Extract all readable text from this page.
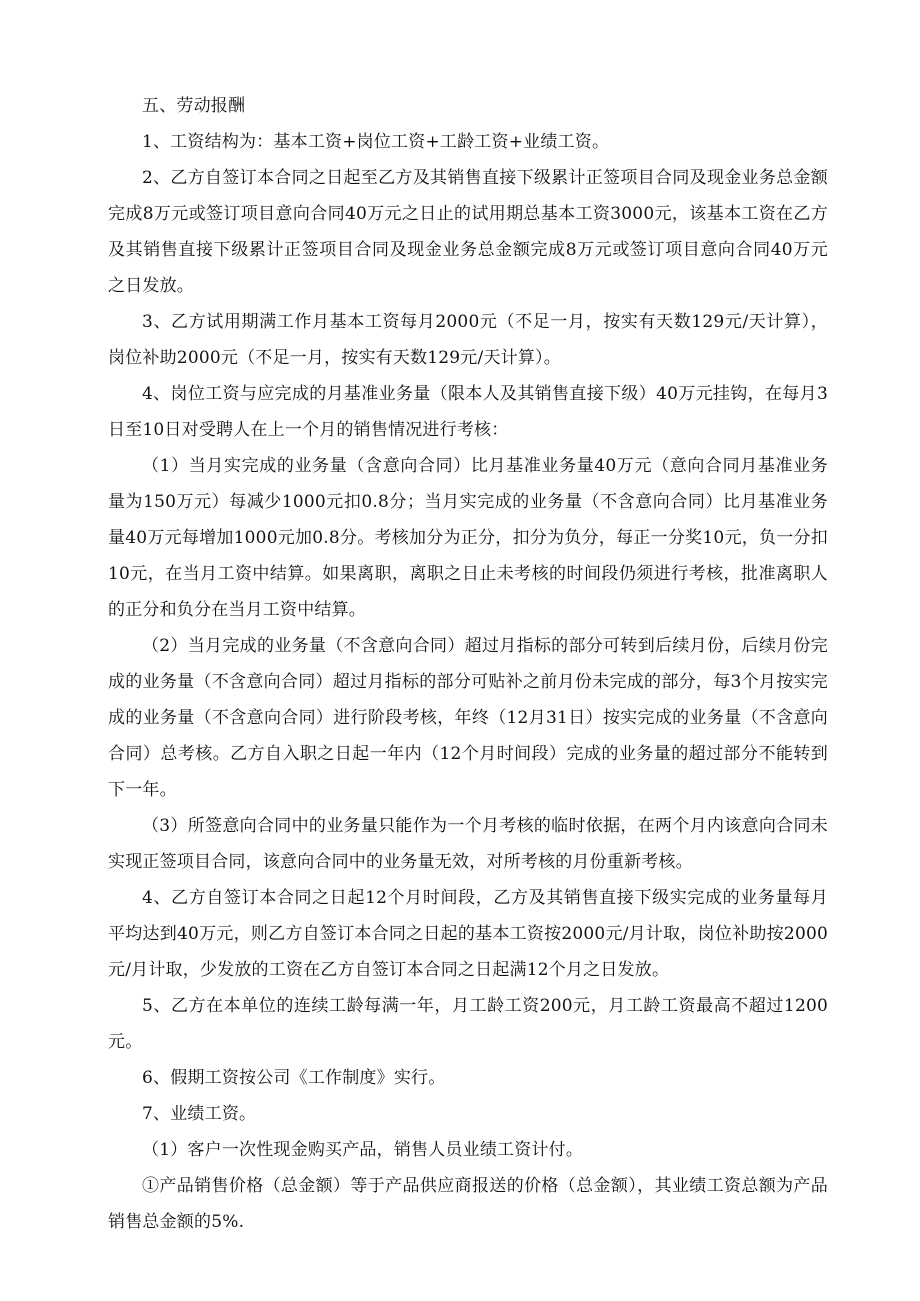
五、劳动报酬

1、工资结构为：基本工资+岗位工资+工龄工资+业绩工资。

2、乙方自签订本合同之日起至乙方及其销售直接下级累计正签项目合同及现金业务总金额完成8万元或签订项目意向合同40万元之日止的试用期总基本工资3000元，该基本工资在乙方及其销售直接下级累计正签项目合同及现金业务总金额完成8万元或签订项目意向合同40万元之日发放。

3、乙方试用期满工作月基本工资每月2000元（不足一月，按实有天数129元/天计算），岗位补助2000元（不足一月，按实有天数129元/天计算）。

4、岗位工资与应完成的月基准业务量（限本人及其销售直接下级）40万元挂钩，在每月3日至10日对受聘人在上一个月的销售情况进行考核：

（1）当月实完成的业务量（含意向合同）比月基准业务量40万元（意向合同月基准业务量为150万元）每减少1000元扣0.8分；当月实完成的业务量（不含意向合同）比月基准业务量40万元每增加1000元加0.8分。考核加分为正分，扣分为负分，每正一分奖10元，负一分扣10元，在当月工资中结算。如果离职，离职之日止未考核的时间段仍须进行考核，批准离职人的正分和负分在当月工资中结算。

（2）当月完成的业务量（不含意向合同）超过月指标的部分可转到后续月份，后续月份完成的业务量（不含意向合同）超过月指标的部分可贴补之前月份未完成的部分，每3个月按实完成的业务量（不含意向合同）进行阶段考核，年终（12月31日）按实完成的业务量（不含意向合同）总考核。乙方自入职之日起一年内（12个月时间段）完成的业务量的超过部分不能转到下一年。

（3）所签意向合同中的业务量只能作为一个月考核的临时依据，在两个月内该意向合同未实现正签项目合同，该意向合同中的业务量无效，对所考核的月份重新考核。

4、乙方自签订本合同之日起12个月时间段，乙方及其销售直接下级实完成的业务量每月平均达到40万元，则乙方自签订本合同之日起的基本工资按2000元/月计取，岗位补助按2000元/月计取，少发放的工资在乙方自签订本合同之日起满12个月之日发放。

5、乙方在本单位的连续工龄每满一年，月工龄工资200元，月工龄工资最高不超过1200元。

6、假期工资按公司《工作制度》实行。

7、业绩工资。

（1）客户一次性现金购买产品，销售人员业绩工资计付。

①产品销售价格（总金额）等于产品供应商报送的价格（总金额），其业绩工资总额为产品销售总金额的5%.
